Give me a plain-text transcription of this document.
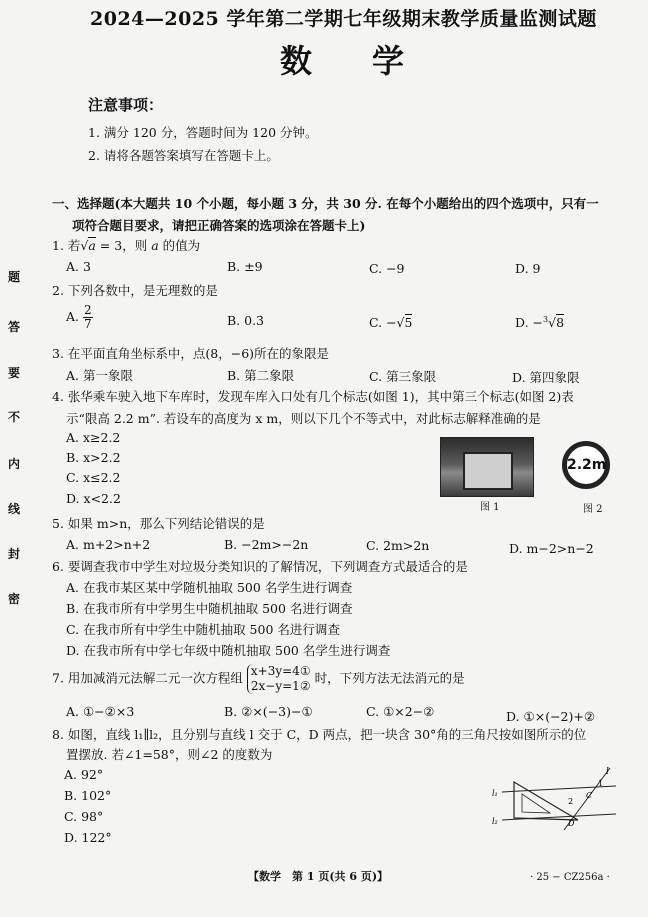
2024—2025 学年第二学期七年级期末教学质量监测试题
数学
题
答
要
不
内
线
封
密
注意事项：
1. 满分 120 分，答题时间为 120 分钟。
2. 请将各题答案填写在答题卡上。
一、选择题(本大题共 10 个小题，每小题 3 分，共 30 分. 在每个小题给出的四个选项中，只有一
项符合题目要求，请把正确答案的选项涂在答题卡上)
1. 若√a = 3，则 a 的值为
A. 3	B. ±9	C. −9	D. 9
2. 下列各数中，是无理数的是
A. $\frac{2}{7}$	B. 0.3̇	C. −√5	D. −$^3$√8
3. 在平面直角坐标系中，点(8，−6)所在的象限是
A. 第一象限	B. 第二象限	C. 第三象限	D. 第四象限
4. 张华乘车驶入地下车库时，发现车库入口处有几个标志(如图 1)，其中第三个标志(如图 2)表
示“限高 2.2 m”. 若设车的高度为 x m，则以下几个不等式中，对此标志解释准确的是
A. x≥2.2
B. x>2.2
C. x≤2.2
D. x<2.2
图 1
2.2m
图 2
5. 如果 m>n，那么下列结论错误的是
A. m+2>n+2	B. −2m>−2n	C. 2m>2n	D. m−2>n−2
6. 要调查我市中学生对垃圾分类知识的了解情况，下列调查方式最适合的是
A. 在我市某区某中学随机抽取 500 名学生进行调查
B. 在我市所有中学男生中随机抽取 500 名进行调查
C. 在我市所有中学生中随机抽取 500 名进行调查
D. 在我市所有中学七年级中随机抽取 500 名学生进行调查
7. 用加减消元法解二元一次方程组 x+3y=4①
2x−y=1②
时，下列方法无法消元的是
A. ①−②×3	B. ②×(−3)−①	C. ①×2−②	D. ①×(−2)+②
8. 如图，直线 l₁∥l₂，且分别与直线 l 交于 C，D 两点，把一块含 30°角的三角尺按如图所示的位
置摆放. 若∠1=58°，则∠2 的度数为
A. 92°
B. 102°
C. 98°
D. 122°
l
l₁
l₂
1
2
C
D
【数学　第 1 页(共 6 页)】	· 25 − CZ256a ·
